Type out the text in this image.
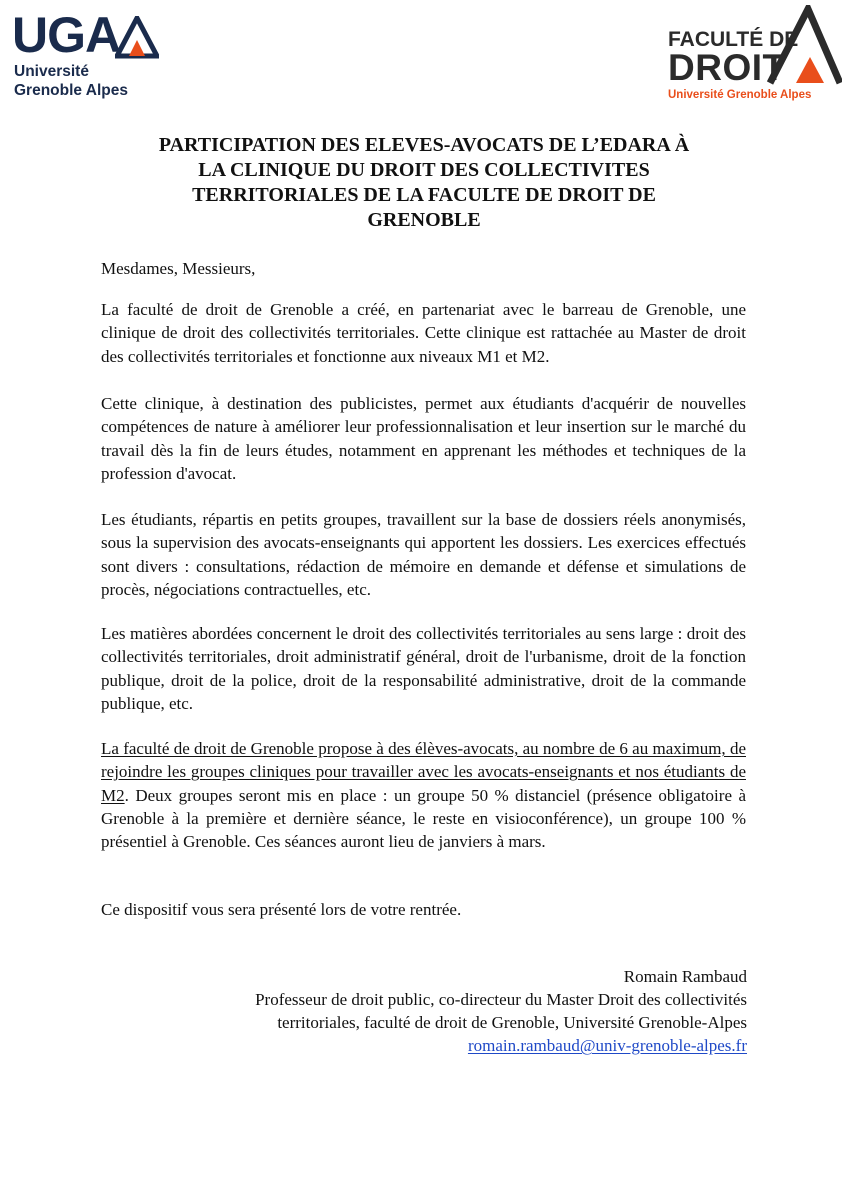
UGA
Université
Grenoble Alpes
FACULTÉ DE
DROIT
Université Grenoble Alpes
PARTICIPATION DES ELEVES-AVOCATS DE L’EDARA À
LA CLINIQUE DU DROIT DES COLLECTIVITES
TERRITORIALES DE LA FACULTE DE DROIT DE
GRENOBLE

Mesdames, Messieurs,

La faculté de droit de Grenoble a créé, en partenariat avec le barreau de Grenoble, une clinique de droit des collectivités territoriales. Cette clinique est rattachée au Master de droit des collectivités territoriales et fonctionne aux niveaux M1 et M2.

Cette clinique, à destination des publicistes, permet aux étudiants d'acquérir de nouvelles compétences de nature à améliorer leur professionnalisation et leur insertion sur le marché du travail dès la fin de leurs études, notamment en apprenant les méthodes et techniques de la profession d'avocat.

Les étudiants, répartis en petits groupes, travaillent sur la base de dossiers réels anonymisés, sous la supervision des avocats-enseignants qui apportent les dossiers. Les exercices effectués sont divers : consultations, rédaction de mémoire en demande et défense et simulations de procès, négociations contractuelles, etc.

Les matières abordées concernent le droit des collectivités territoriales au sens large : droit des collectivités territoriales, droit administratif général, droit de l'urbanisme, droit de la fonction publique, droit de la police, droit de la responsabilité administrative, droit de la commande publique, etc.

La faculté de droit de Grenoble propose à des élèves-avocats, au nombre de 6 au maximum, de rejoindre les groupes cliniques pour travailler avec les avocats-enseignants et nos étudiants de M2. Deux groupes seront mis en place : un groupe 50 % distanciel (présence obligatoire à Grenoble à la première et dernière séance, le reste en visioconférence), un groupe 100 % présentiel à Grenoble. Ces séances auront lieu de janviers à mars.

Ce dispositif vous sera présenté lors de votre rentrée.

Romain Rambaud
Professeur de droit public, co-directeur du Master Droit des collectivités
territoriales, faculté de droit de Grenoble, Université Grenoble-Alpes
romain.rambaud@univ-grenoble-alpes.fr
